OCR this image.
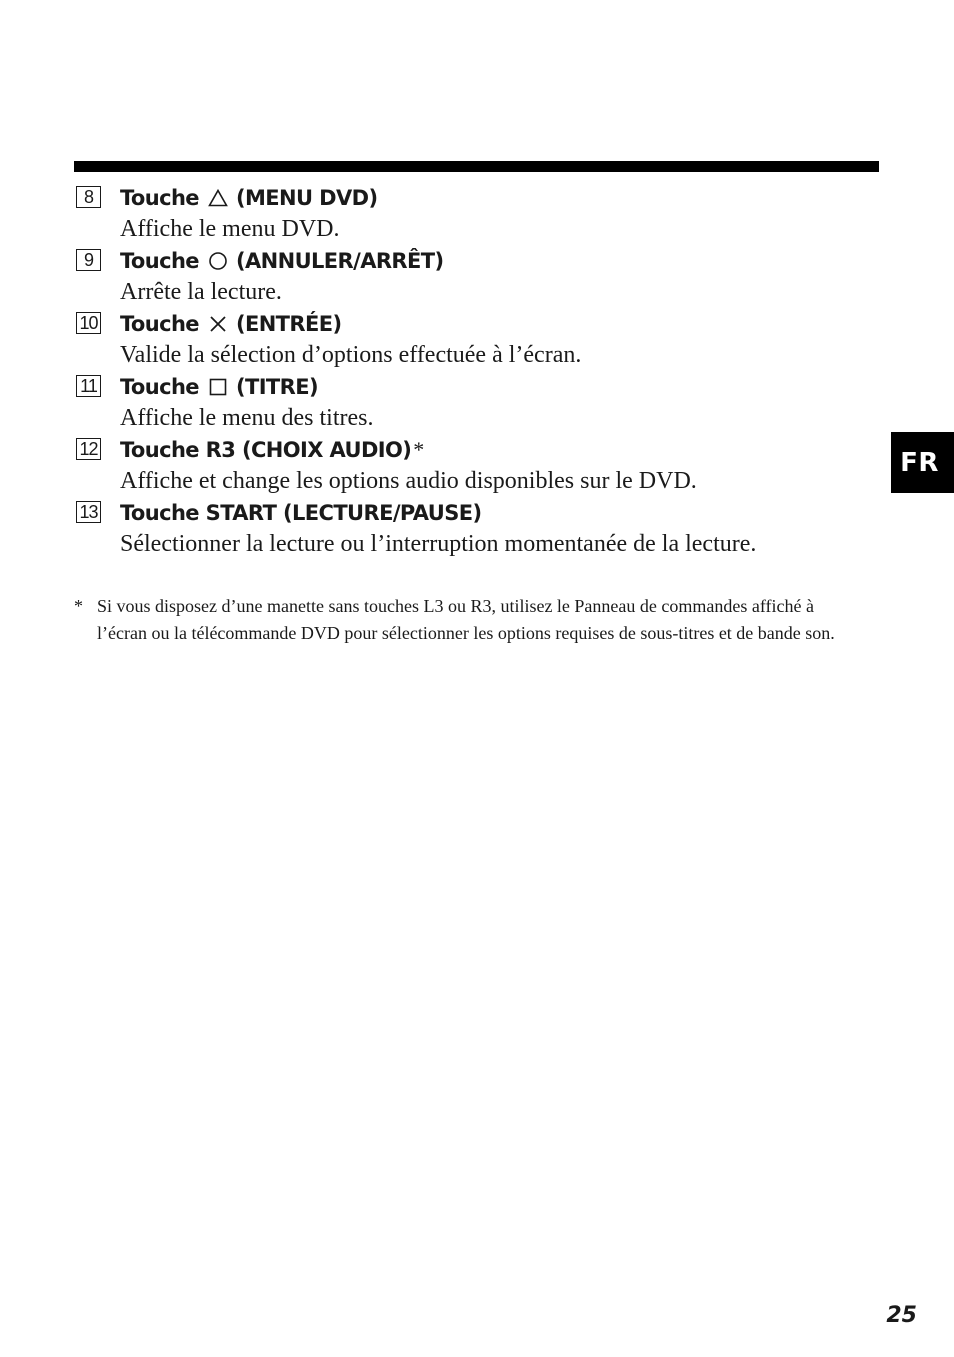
8	Touche (MENU DVD)
Affiche le menu DVD.
9	Touche (ANNULER/ARRÊT)
Arrête la lecture.
10 Touche (ENTRÉE)
Valide la sélection d’options effectuée à l’écran.
11 Touche (TITRE)
Affiche le menu des titres.
12 Touche R3 (CHOIX AUDIO) *
Affiche et change les options audio disponibles sur le DVD.
13 Touche START (LECTURE/PAUSE)
Sélectionner la lecture ou l’interruption momentanée de la lecture.
* Si vous disposez d’une manette sans touches L3 ou R3, utilisez le Panneau de commandes affiché à l’écran ou la télécommande DVD pour sélectionner les options requises de sous-titres et de bande son.
FR
25
